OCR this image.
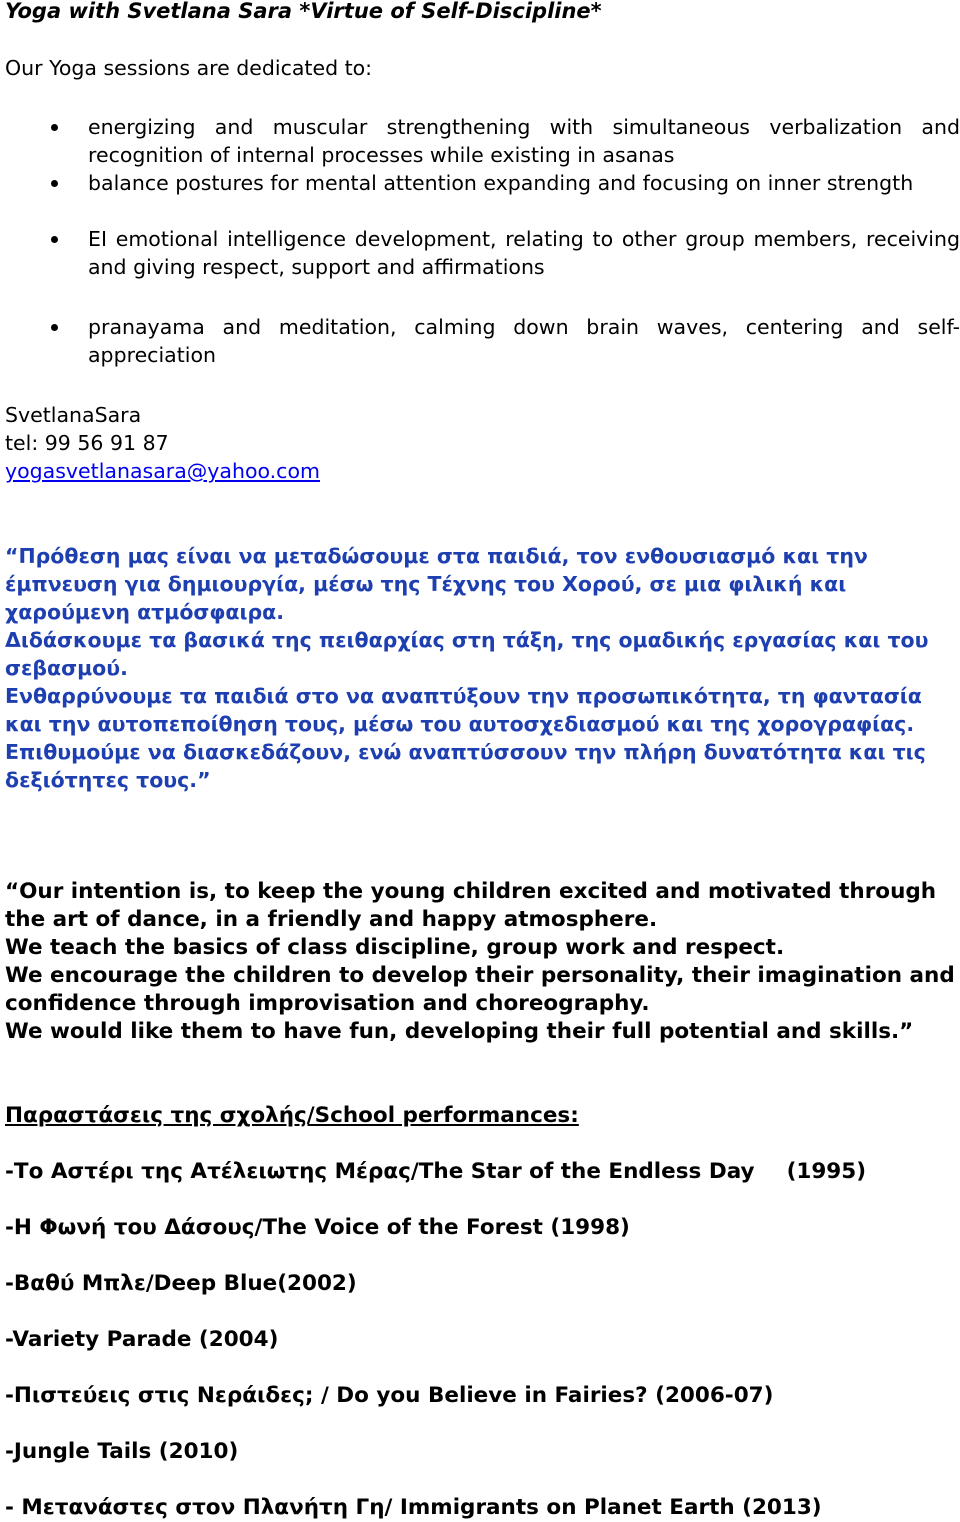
Yoga with Svetlana Sara *Virtue of Self-Discipline*
Our Yoga sessions are dedicated to:
energizing and muscular strengthening with simultaneous verbalization and recognition of internal processes while existing in asanas
balance postures for mental attention expanding and focusing on inner strength
EI emotional intelligence development, relating to other group members, receiving and giving respect, support and affirmations
pranayama and meditation, calming down brain waves, centering and self-appreciation
SvetlanaSara
tel: 99 56 91 87
yogasvetlanasara@yahoo.com

“Πρόθεση μας είναι να μεταδώσουμε στα παιδιά, τον ενθουσιασμό και την έμπνευση για δημιουργία, μέσω της Τέχνης του Χορού, σε μια φιλική και χαρούμενη ατμόσφαιρα.

Διδάσκουμε τα βασικά της πειθαρχίας στη τάξη, της ομαδικής εργασίας και του σεβασμού.

Ενθαρρύνουμε τα παιδιά στο να αναπτύξουν την προσωπικότητα, τη φαντασία και την αυτοπεποίθηση τους, μέσω του αυτοσχεδιασμού και της χορογραφίας.

Επιθυμούμε να διασκεδάζουν, ενώ αναπτύσσουν την πλήρη δυνατότητα και τις δεξιότητες τους.”

“Our intention is, to keep the young children excited and motivated through the art of dance, in a friendly and happy atmosphere.

We teach the basics of class discipline, group work and respect.

We encourage the children to develop their personality, their imagination and confidence through improvisation and choreography.

We would like them to have fun, developing their full potential and skills.”

Παραστάσεις της σχολής/School performances:
-Το Αστέρι της Ατέλειωτης Μέρας/The Star of the Endless Day (1995)
-Η Φωνή του Δάσους/The Voice of the Forest (1998)
-Βαθύ Μπλε/Deep Blue(2002)
-Variety Parade (2004)
-Πιστεύεις στις Νεράιδες; / Do you Believe in Fairies? (2006-07)
-Jungle Tails (2010)
- Μετανάστες στον Πλανήτη Γη/ Immigrants on Planet Earth (2013)
